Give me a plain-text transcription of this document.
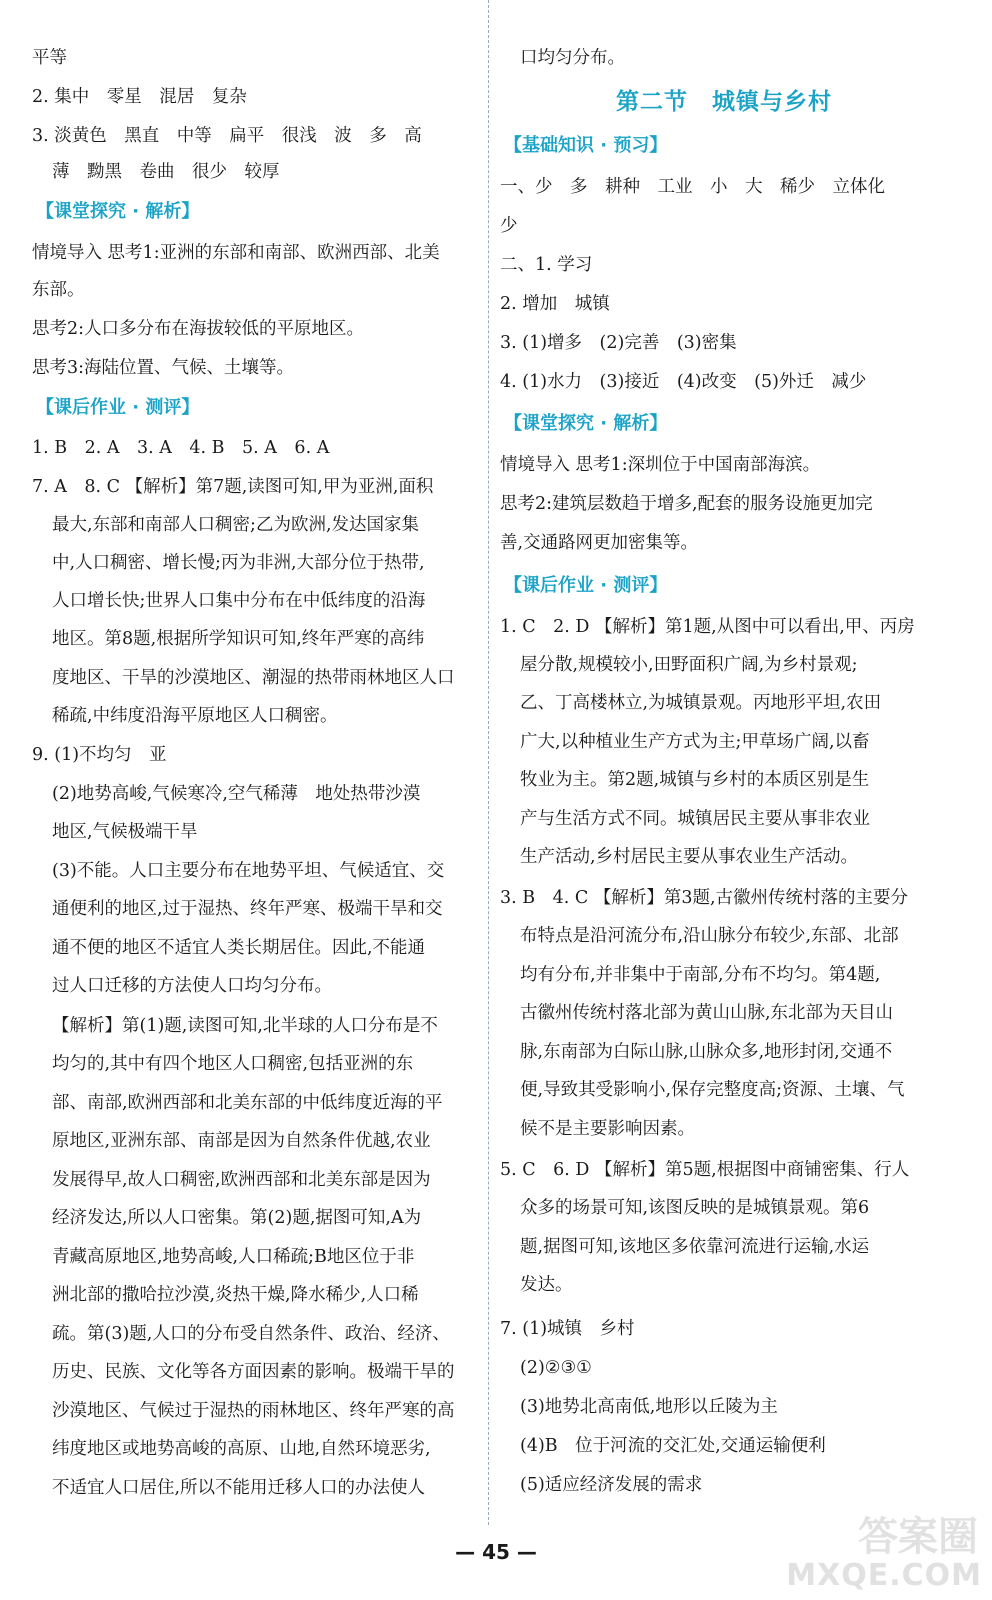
平等
2. 集中　零星　混居　复杂
3. 淡黄色　黑直　中等　扁平　很浅　波　多　高
薄　黝黑　卷曲　很少　较厚
情境导入 思考1:亚洲的东部和南部、欧洲西部、北美
东部。
思考2:人口多分布在海拔较低的平原地区。
思考3:海陆位置、气候、土壤等。
1. B　2. A　3. A　4. B　5. A　6. A
7. A　8. C 【解析】第7题,读图可知,甲为亚洲,面积
最大,东部和南部人口稠密;乙为欧洲,发达国家集
中,人口稠密、增长慢;丙为非洲,大部分位于热带,
人口增长快;世界人口集中分布在中低纬度的沿海
地区。第8题,根据所学知识可知,终年严寒的高纬
度地区、干旱的沙漠地区、潮湿的热带雨林地区人口
稀疏,中纬度沿海平原地区人口稠密。
9. (1)不均匀　亚
(2)地势高峻,气候寒冷,空气稀薄　地处热带沙漠
地区,气候极端干旱
(3)不能。人口主要分布在地势平坦、气候适宜、交
通便利的地区,过于湿热、终年严寒、极端干旱和交
通不便的地区不适宜人类长期居住。因此,不能通
过人口迁移的方法使人口均匀分布。
【解析】第(1)题,读图可知,北半球的人口分布是不
均匀的,其中有四个地区人口稠密,包括亚洲的东
部、南部,欧洲西部和北美东部的中低纬度近海的平
原地区,亚洲东部、南部是因为自然条件优越,农业
发展得早,故人口稠密,欧洲西部和北美东部是因为
经济发达,所以人口密集。第(2)题,据图可知,A为
青藏高原地区,地势高峻,人口稀疏;B地区位于非
洲北部的撒哈拉沙漠,炎热干燥,降水稀少,人口稀
疏。第(3)题,人口的分布受自然条件、政治、经济、
历史、民族、文化等各方面因素的影响。极端干旱的
沙漠地区、气候过于湿热的雨林地区、终年严寒的高
纬度地区或地势高峻的高原、山地,自然环境恶劣,
不适宜人口居住,所以不能用迁移人口的办法使人
【课堂探究 · 解析】
【课后作业 · 测评】
第二节　城镇与乡村
口均匀分布。
一、少　多　耕种　工业　小　大　稀少　立体化
少
二、1. 学习
2. 增加　城镇
3. (1)增多　(2)完善　(3)密集
4. (1)水力　(3)接近　(4)改变　(5)外迁　减少
情境导入 思考1:深圳位于中国南部海滨。
思考2:建筑层数趋于增多,配套的服务设施更加完
善,交通路网更加密集等。
1. C　2. D 【解析】第1题,从图中可以看出,甲、丙房
屋分散,规模较小,田野面积广阔,为乡村景观;
乙、丁高楼林立,为城镇景观。丙地形平坦,农田
广大,以种植业生产方式为主;甲草场广阔,以畜
牧业为主。第2题,城镇与乡村的本质区别是生
产与生活方式不同。城镇居民主要从事非农业
生产活动,乡村居民主要从事农业生产活动。
3. B　4. C 【解析】第3题,古徽州传统村落的主要分
布特点是沿河流分布,沿山脉分布较少,东部、北部
均有分布,并非集中于南部,分布不均匀。第4题,
古徽州传统村落北部为黄山山脉,东北部为天目山
脉,东南部为白际山脉,山脉众多,地形封闭,交通不
便,导致其受影响小,保存完整度高;资源、土壤、气
候不是主要影响因素。
5. C　6. D 【解析】第5题,根据图中商铺密集、行人
众多的场景可知,该图反映的是城镇景观。第6
题,据图可知,该地区多依靠河流进行运输,水运
发达。
7. (1)城镇　乡村
(2)②③①
(3)地势北高南低,地形以丘陵为主
(4)B　位于河流的交汇处,交通运输便利
(5)适应经济发展的需求
【基础知识 · 预习】
【课堂探究 · 解析】
【课后作业 · 测评】
— 45 —	答案圈
MXQE.COM
